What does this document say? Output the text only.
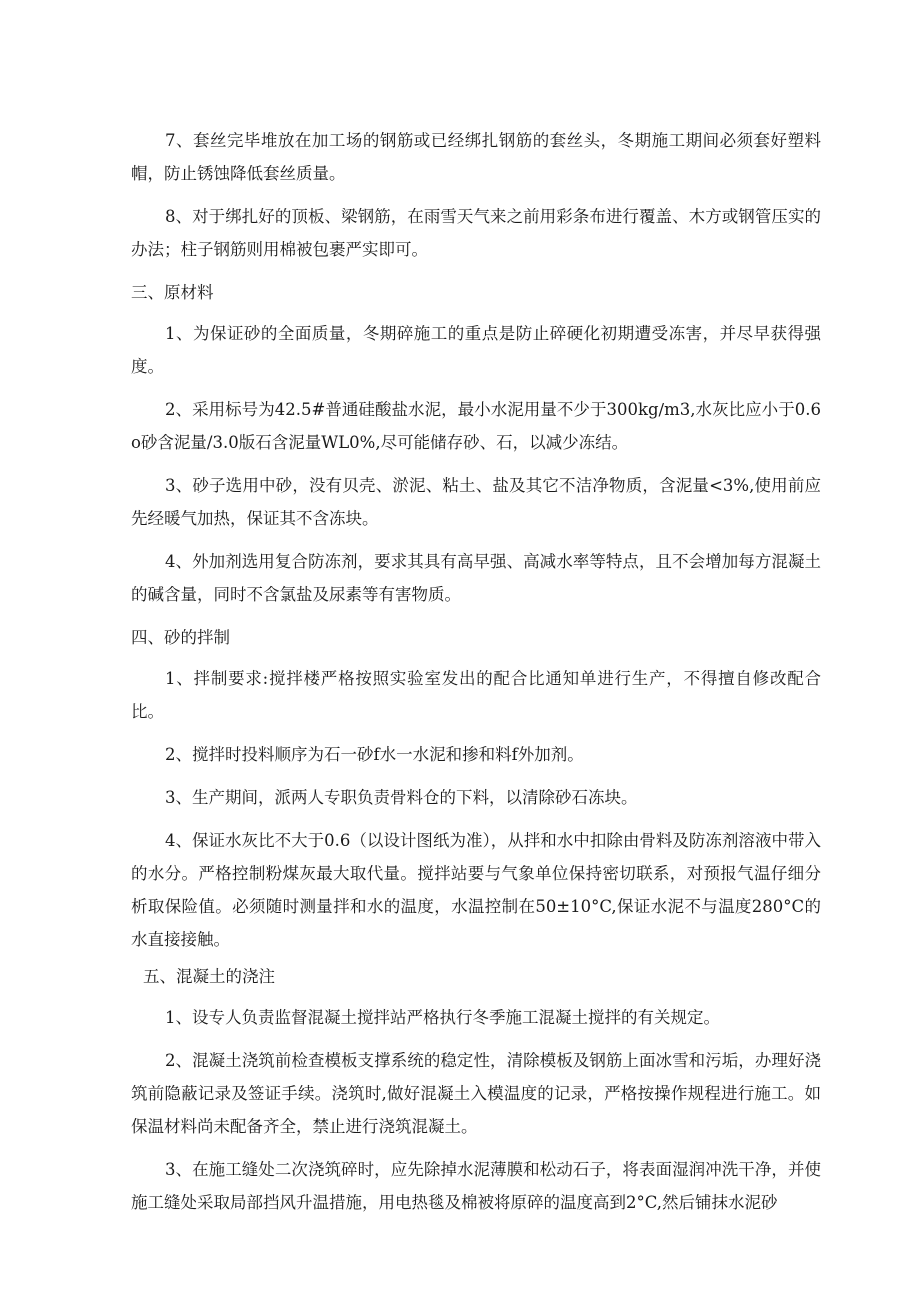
7、套丝完毕堆放在加工场的钢筋或已经绑扎钢筋的套丝头，冬期施工期间必须套好塑料帽，防止锈蚀降低套丝质量。

8、对于绑扎好的顶板、梁钢筋，在雨雪天气来之前用彩条布进行覆盖、木方或钢管压实的办法；柱子钢筋则用棉被包裹严实即可。

三、原材料

1、为保证砂的全面质量，冬期碎施工的重点是防止碎硬化初期遭受冻害，并尽早获得强度。

2、采用标号为42.5#普通硅酸盐水泥，最小水泥用量不少于300kg∕m3,水灰比应小于0.6o砂含泥量/3.0版石含泥量WL0%,尽可能储存砂、石，以减少冻结。

3、砂子选用中砂，没有贝壳、淤泥、粘土、盐及其它不洁净物质，含泥量<3%,使用前应先经暖气加热，保证其不含冻块。

4、外加剂选用复合防冻剂，要求其具有高早强、高减水率等特点，且不会增加每方混凝土的碱含量，同时不含氯盐及尿素等有害物质。

四、砂的拌制

1、拌制要求:搅拌楼严格按照实验室发出的配合比通知单进行生产，不得擅自修改配合比。

2、搅拌时投料顺序为石一砂f水一水泥和掺和料f外加剂。

3、生产期间，派两人专职负责骨料仓的下料，以清除砂石冻块。

4、保证水灰比不大于0.6（以设计图纸为准），从拌和水中扣除由骨料及防冻剂溶液中带入的水分。严格控制粉煤灰最大取代量。搅拌站要与气象单位保持密切联系，对预报气温仔细分析取保险值。必须随时测量拌和水的温度，水温控制在50±10°C,保证水泥不与温度280°C的水直接接触。

五、混凝土的浇注

1、设专人负责监督混凝土搅拌站严格执行冬季施工混凝土搅拌的有关规定。

2、混凝土浇筑前检查模板支撑系统的稳定性，清除模板及钢筋上面冰雪和污垢，办理好浇筑前隐蔽记录及签证手续。浇筑时,做好混凝土入模温度的记录，严格按操作规程进行施工。如保温材料尚未配备齐全，禁止进行浇筑混凝土。

3、在施工缝处二次浇筑碎时，应先除掉水泥薄膜和松动石子，将表面湿润冲洗干净，并使施工缝处采取局部挡风升温措施，用电热毯及棉被将原碎的温度高到2°C,然后铺抹水泥砂
